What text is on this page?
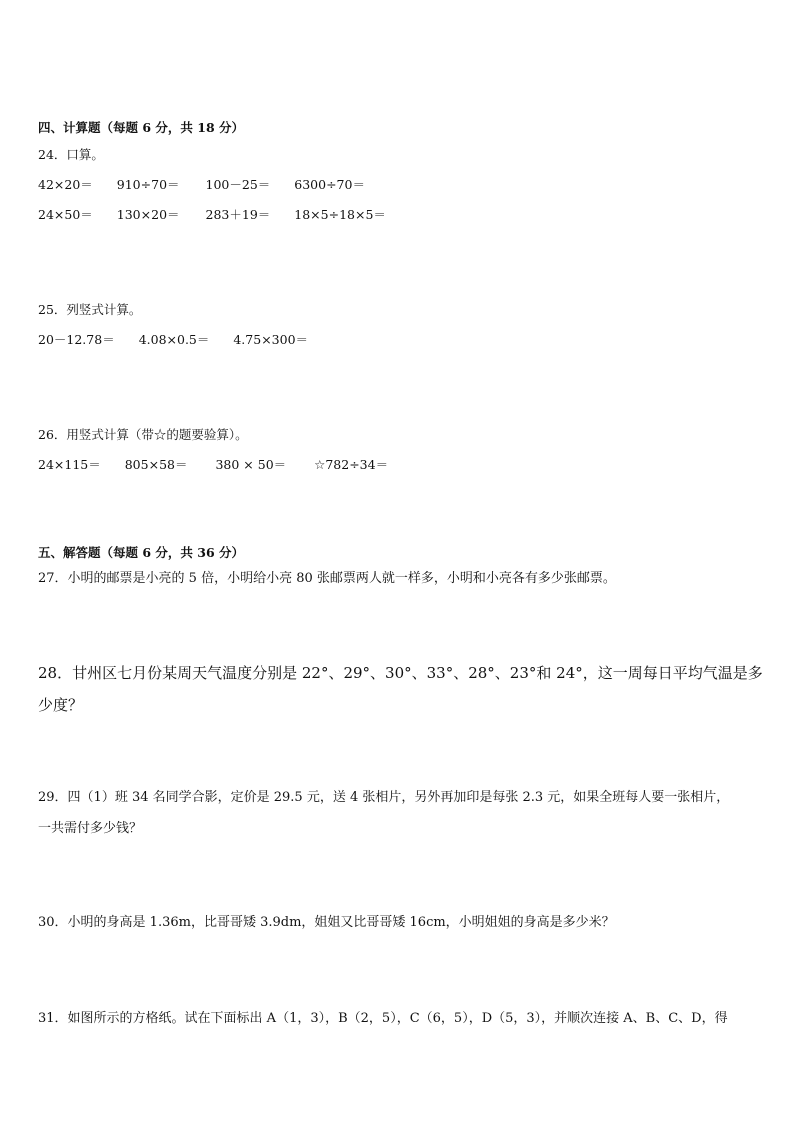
四、计算题（每题 6 分，共 18 分）
24．口算。
42×20＝ 910÷70＝ 100－25＝ 6300÷70＝
24×50＝ 130×20＝ 283＋19＝ 18×5÷18×5＝
25．列竖式计算。
20－12.78＝ 4.08×0.5＝ 4.75×300＝
26．用竖式计算（带☆的题要验算）。
24×115＝ 805×58＝ 380 × 50＝ ☆782÷34＝
五、解答题（每题 6 分，共 36 分）
27．小明的邮票是小亮的 5 倍，小明给小亮 80 张邮票两人就一样多，小明和小亮各有多少张邮票。
28．甘州区七月份某周天气温度分别是 22°、29°、30°、33°、28°、23°和 24°，这一周每日平均气温是多
少度？
29．四（1）班 34 名同学合影，定价是 29.5 元，送 4 张相片，另外再加印是每张 2.3 元，如果全班每人要一张相片，
一共需付多少钱？
30．小明的身高是 1.36m，比哥哥矮 3.9dm，姐姐又比哥哥矮 16cm，小明姐姐的身高是多少米？
31．如图所示的方格纸。试在下面标出 A（1，3），B（2，5），C（6，5），D（5，3），并顺次连接 A、B、C、D，得
